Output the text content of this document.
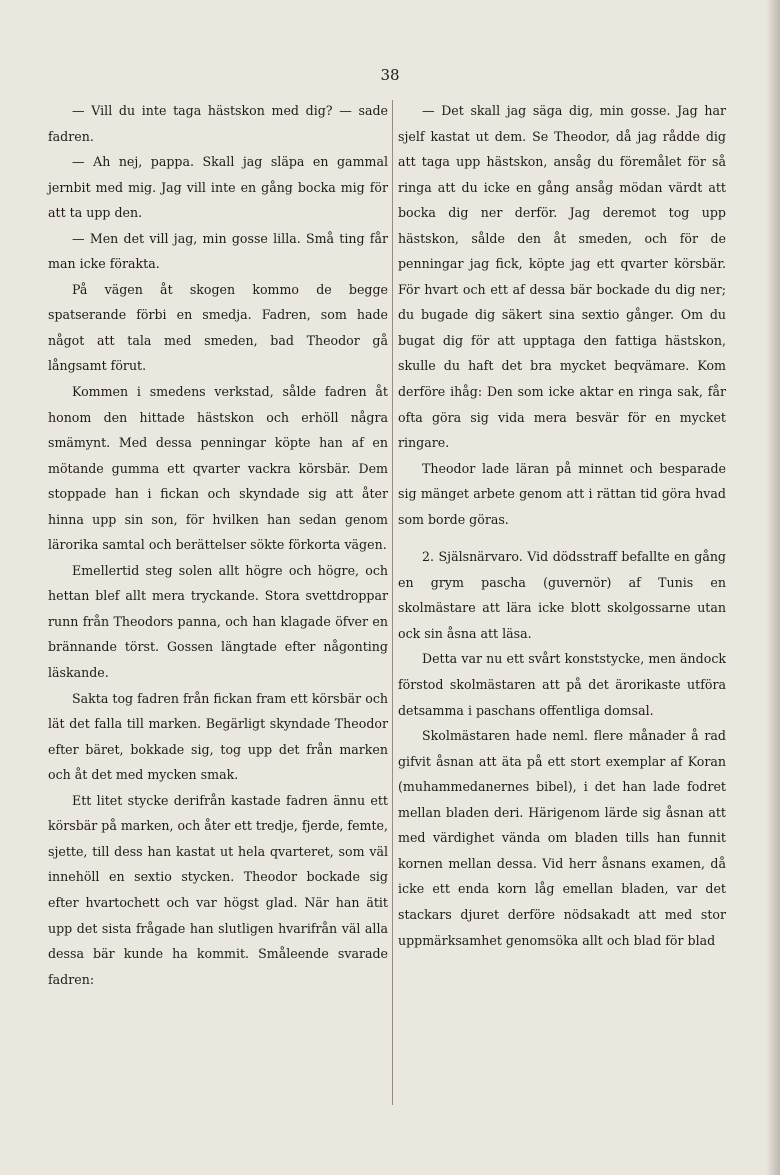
38

— Vill du inte taga hästskon med dig? — sade fadren.

— Ah nej, pappa. Skall jag släpa en gammal jernbit med mig. Jag vill inte en gång bocka mig för att ta upp den.

— Men det vill jag, min gosse lilla. Små ting får man icke förakta.

På vägen åt skogen kommo de begge spatserande förbi en smedja. Fadren, som hade något att tala med smeden, bad Theodor gå långsamt förut.

Kommen i smedens verkstad, sålde fadren åt honom den hittade hästskon och erhöll några smämynt. Med dessa penningar köpte han af en mötande gumma ett qvarter vackra körsbär. Dem stoppade han i fickan och skyndade sig att åter hinna upp sin son, för hvilken han sedan genom lärorika samtal och berättelser sökte förkorta vägen.

Emellertid steg solen allt högre och högre, och hettan blef allt mera tryckande. Stora svettdroppar runn från Theodors panna, och han klagade öfver en brännande törst. Gossen längtade efter någonting läskande.

Sakta tog fadren från fickan fram ett körsbär och lät det falla till marken. Begärligt skyndade Theodor efter bäret, bokkade sig, tog upp det från marken och åt det med mycken smak.

Ett litet stycke derifrån kastade fadren ännu ett körsbär på marken, och åter ett tredje, fjerde, femte, sjette, till dess han kastat ut hela qvarteret, som väl innehöll en sextio stycken. Theodor bockade sig efter hvartochett och var högst glad. När han ätit upp det sista frågade han slutligen hvarifrån väl alla dessa bär kunde ha kommit. Småleende svarade fadren:

— Det skall jag säga dig, min gosse. Jag har sjelf kastat ut dem. Se Theodor, då jag rådde dig att taga upp hästskon, ansåg du föremålet för så ringa att du icke en gång ansåg mödan värdt att bocka dig ner derför. Jag deremot tog upp hästskon, sålde den åt smeden, och för de penningar jag fick, köpte jag ett qvarter körsbär. För hvart och ett af dessa bär bockade du dig ner; du bugade dig säkert sina sextio gånger. Om du bugat dig för att upptaga den fattiga hästskon, skulle du haft det bra mycket beqvämare. Kom derföre ihåg: Den som icke aktar en ringa sak, får ofta göra sig vida mera besvär för en mycket ringare.

Theodor lade läran på minnet och besparade sig mänget arbete genom att i rättan tid göra hvad som borde göras.

2. Själsnärvaro. Vid dödsstraff befallte en gång en grym pascha (guvernör) af Tunis en skolmästare att lära icke blott skolgossarne utan ock sin åsna att läsa.

Detta var nu ett svårt konststycke, men ändock förstod skolmästaren att på det ärorikaste utföra detsamma i paschans offentliga domsal.

Skolmästaren hade neml. flere månader å rad gifvit åsnan att äta på ett stort exemplar af Koran (muhammedanernes bibel), i det han lade fodret mellan bladen deri. Härigenom lärde sig åsnan att med värdighet vända om bladen tills han funnit kornen mellan dessa. Vid herr åsnans examen, då icke ett enda korn låg emellan bladen, var det stackars djuret derföre nödsakadt att med stor uppmärksamhet genomsöka allt och blad för blad
